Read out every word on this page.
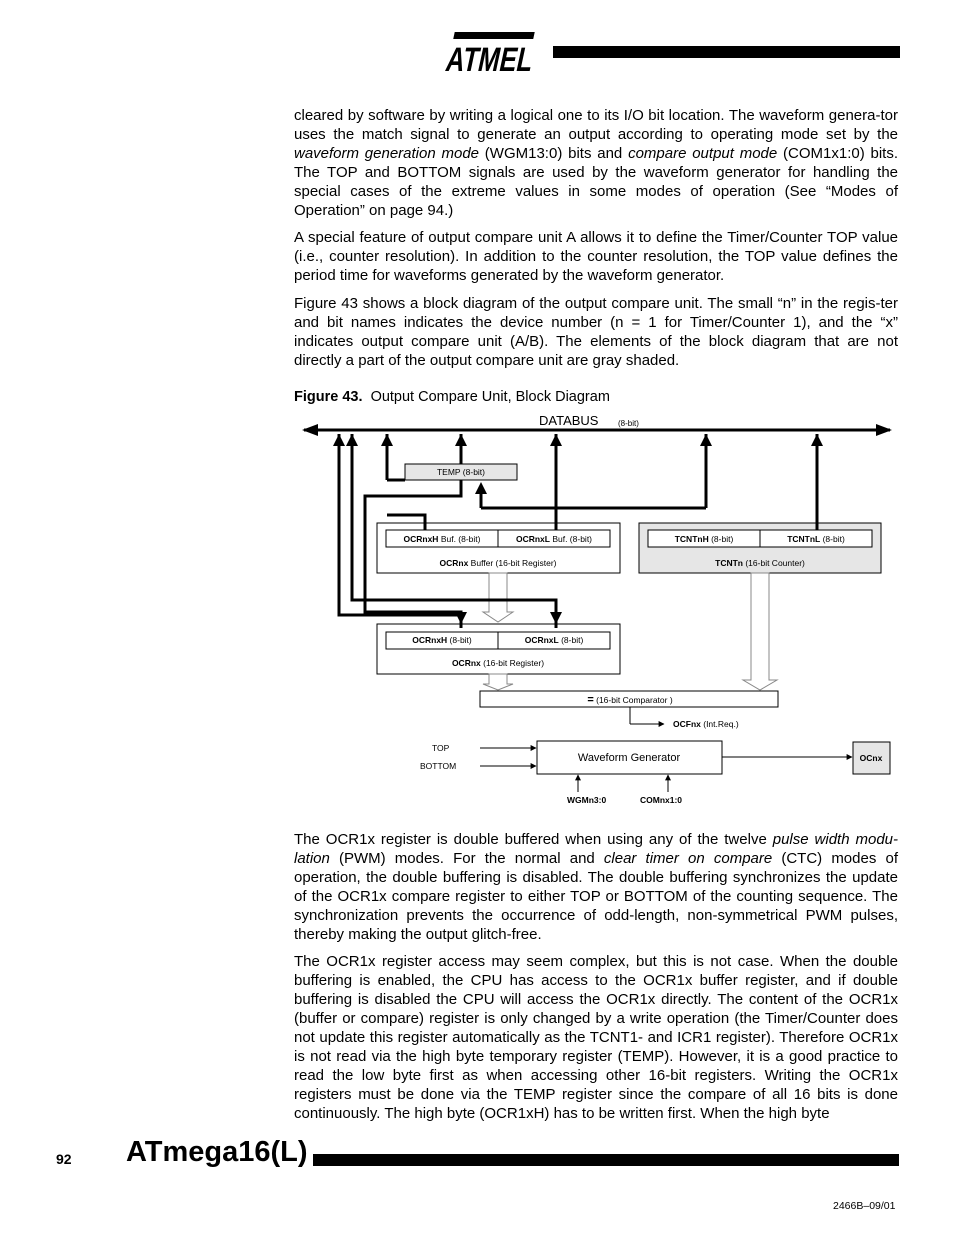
ATMEL

cleared by software by writing a logical one to its I/O bit location. The waveform genera-tor uses the match signal to generate an output according to operating mode set by the waveform generation mode (WGM13:0) bits and compare output mode (COM1x1:0) bits. The TOP and BOTTOM signals are used by the waveform generator for handling the special cases of the extreme values in some modes of operation (See “Modes of Operation” on page 94.)

A special feature of output compare unit A allows it to define the Timer/Counter TOP value (i.e., counter resolution). In addition to the counter resolution, the TOP value defines the period time for waveforms generated by the waveform generator.

Figure 43 shows a block diagram of the output compare unit. The small “n” in the regis-ter and bit names indicates the device number (n = 1 for Timer/Counter 1), and the “x” indicates output compare unit (A/B). The elements of the block diagram that are not directly a part of the output compare unit are gray shaded.

Figure 43. Output Compare Unit, Block Diagram
DATABUS (8-bit)
TEMP (8-bit)
OCRnxH Buf. (8-bit)	OCRnxL Buf. (8-bit)
OCRnx Buffer (16-bit Register)
TCNTnH (8-bit)	TCNTnL (8-bit)
TCNTn (16-bit Counter)
OCRnxH (8-bit)	OCRnxL (8-bit)
OCRnx (16-bit Register)
= (16-bit Comparator )
OCFnx (Int.Req.)
Waveform Generator
TOP
BOTTOM
WGMn3:0	COMnx1:0
OCnx

The OCR1x register is double buffered when using any of the twelve pulse width modu-lation (PWM) modes. For the normal and clear timer on compare (CTC) modes of operation, the double buffering is disabled. The double buffering synchronizes the update of the OCR1x compare register to either TOP or BOTTOM of the counting sequence. The synchronization prevents the occurrence of odd-length, non-symmetrical PWM pulses, thereby making the output glitch-free.

The OCR1x register access may seem complex, but this is not case. When the double buffering is enabled, the CPU has access to the OCR1x buffer register, and if double buffering is disabled the CPU will access the OCR1x directly. The content of the OCR1x (buffer or compare) register is only changed by a write operation (the Timer/Counter does not update this register automatically as the TCNT1- and ICR1 register). Therefore OCR1x is not read via the high byte temporary register (TEMP). However, it is a good practice to read the low byte first as when accessing other 16-bit registers. Writing the OCR1x registers must be done via the TEMP register since the compare of all 16 bits is done continuously. The high byte (OCR1xH) has to be written first. When the high byte

92 ATmega16(L)
2466B–09/01
